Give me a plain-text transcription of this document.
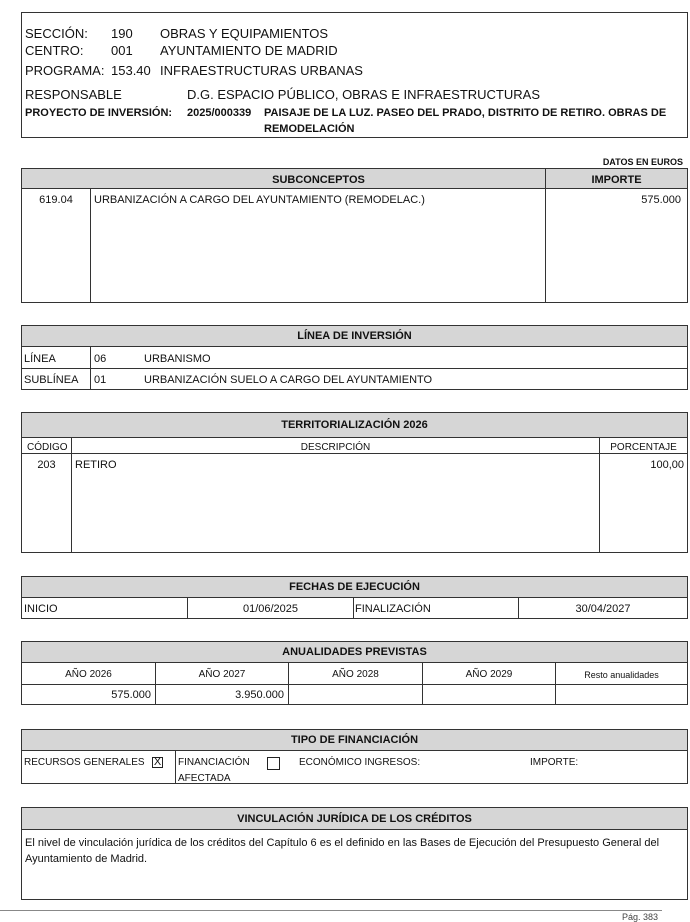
SECCIÓN: 190 OBRAS Y EQUIPAMIENTOS
CENTRO: 001 AYUNTAMIENTO DE MADRID
PROGRAMA: 153.40 INFRAESTRUCTURAS URBANAS
RESPONSABLE	D.G. ESPACIO PÚBLICO, OBRAS E INFRAESTRUCTURAS
PROYECTO DE INVERSIÓN: 2025/000339 PAISAJE DE LA LUZ. PASEO DEL PRADO, DISTRITO DE RETIRO. OBRAS DE
REMODELACIÓN
DATOS EN EUROS
SUBCONCEPTOS	IMPORTE
619.04	URBANIZACIÓN A CARGO DEL AYUNTAMIENTO (REMODELAC.)	575.000
LÍNEA DE INVERSIÓN
LÍNEA	06	URBANISMO
SUBLÍNEA 01	URBANIZACIÓN SUELO A CARGO DEL AYUNTAMIENTO
TERRITORIALIZACIÓN 2026
CÓDIGO	DESCRIPCIÓN	PORCENTAJE
203	RETIRO	100,00
FECHAS DE EJECUCIÓN
INICIO	01/06/2025	FINALIZACIÓN	30/04/2027
ANUALIDADES PREVISTAS
AÑO 2026	AÑO 2027	AÑO 2028	AÑO 2029	Resto anualidades
575.000	3.950.000
TIPO DE FINANCIACIÓN
RECURSOS GENERALES X FINANCIACIÓN
AFECTADA
ECONÓMICO INGRESOS:	IMPORTE:
VINCULACIÓN JURÍDICA DE LOS CRÉDITOS
El nivel de vinculación jurídica de los créditos del Capítulo 6 es el definido en las Bases de Ejecución del Presupuesto General del
Ayuntamiento de Madrid.
Pág. 383
